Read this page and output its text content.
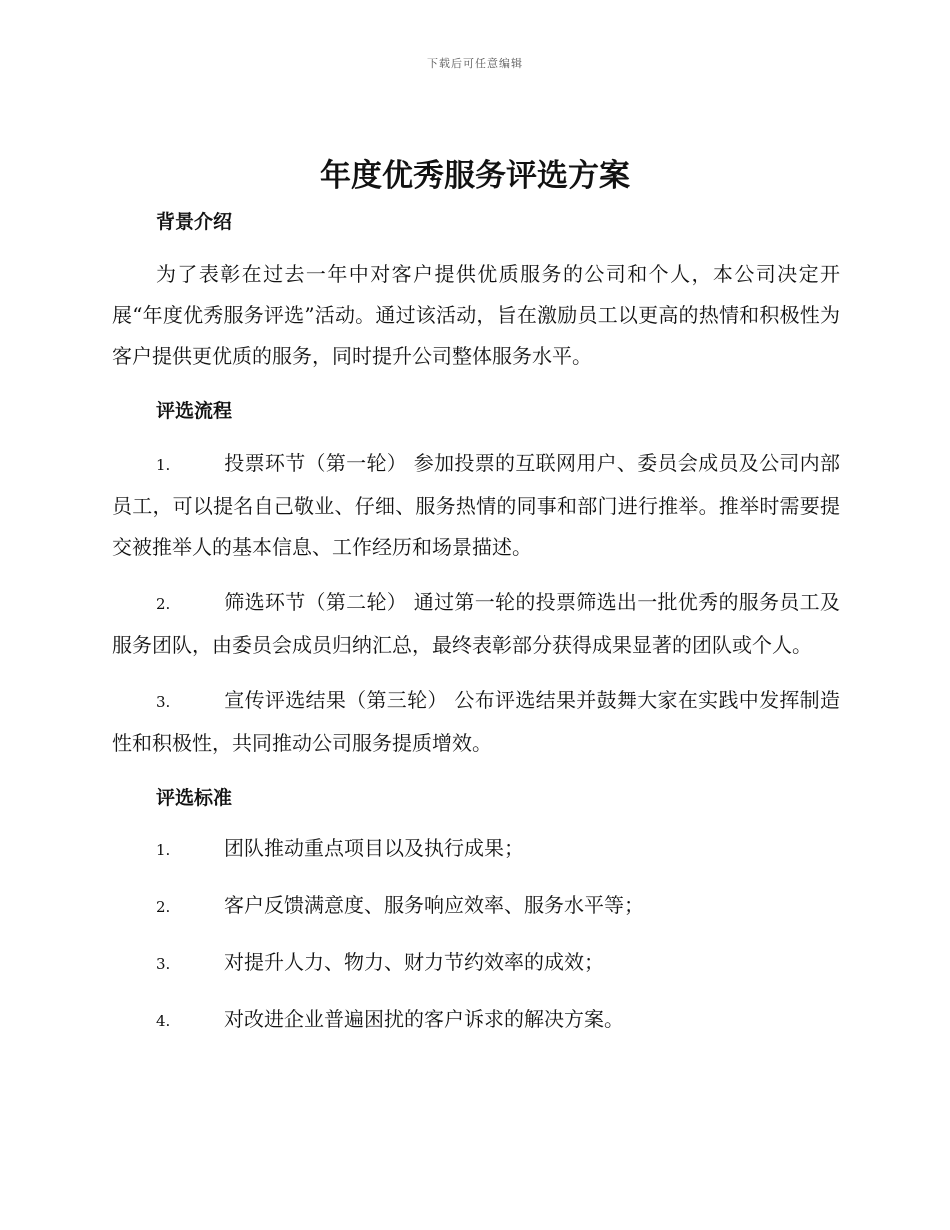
下载后可任意编辑
年度优秀服务评选方案
背景介绍

为了表彰在过去一年中对客户提供优质服务的公司和个人，本公司决定开展“年度优秀服务评选”活动。通过该活动，旨在激励员工以更高的热情和积极性为客户提供更优质的服务，同时提升公司整体服务水平。

评选流程
1.	投票环节（第一轮） 参加投票的互联网用户、委员会成员及公司内部员工，可以提名自己敬业、仔细、服务热情的同事和部门进行推举。推举时需要提交被推举人的基本信息、工作经历和场景描述。
2.	筛选环节（第二轮） 通过第一轮的投票筛选出一批优秀的服务员工及服务团队，由委员会成员归纳汇总，最终表彰部分获得成果显著的团队或个人。
3.	宣传评选结果（第三轮） 公布评选结果并鼓舞大家在实践中发挥制造性和积极性，共同推动公司服务提质增效。
评选标准
1.	团队推动重点项目以及执行成果；
2.	客户反馈满意度、服务响应效率、服务水平等；
3.	对提升人力、物力、财力节约效率的成效；
4.	对改进企业普遍困扰的客户诉求的解决方案。
